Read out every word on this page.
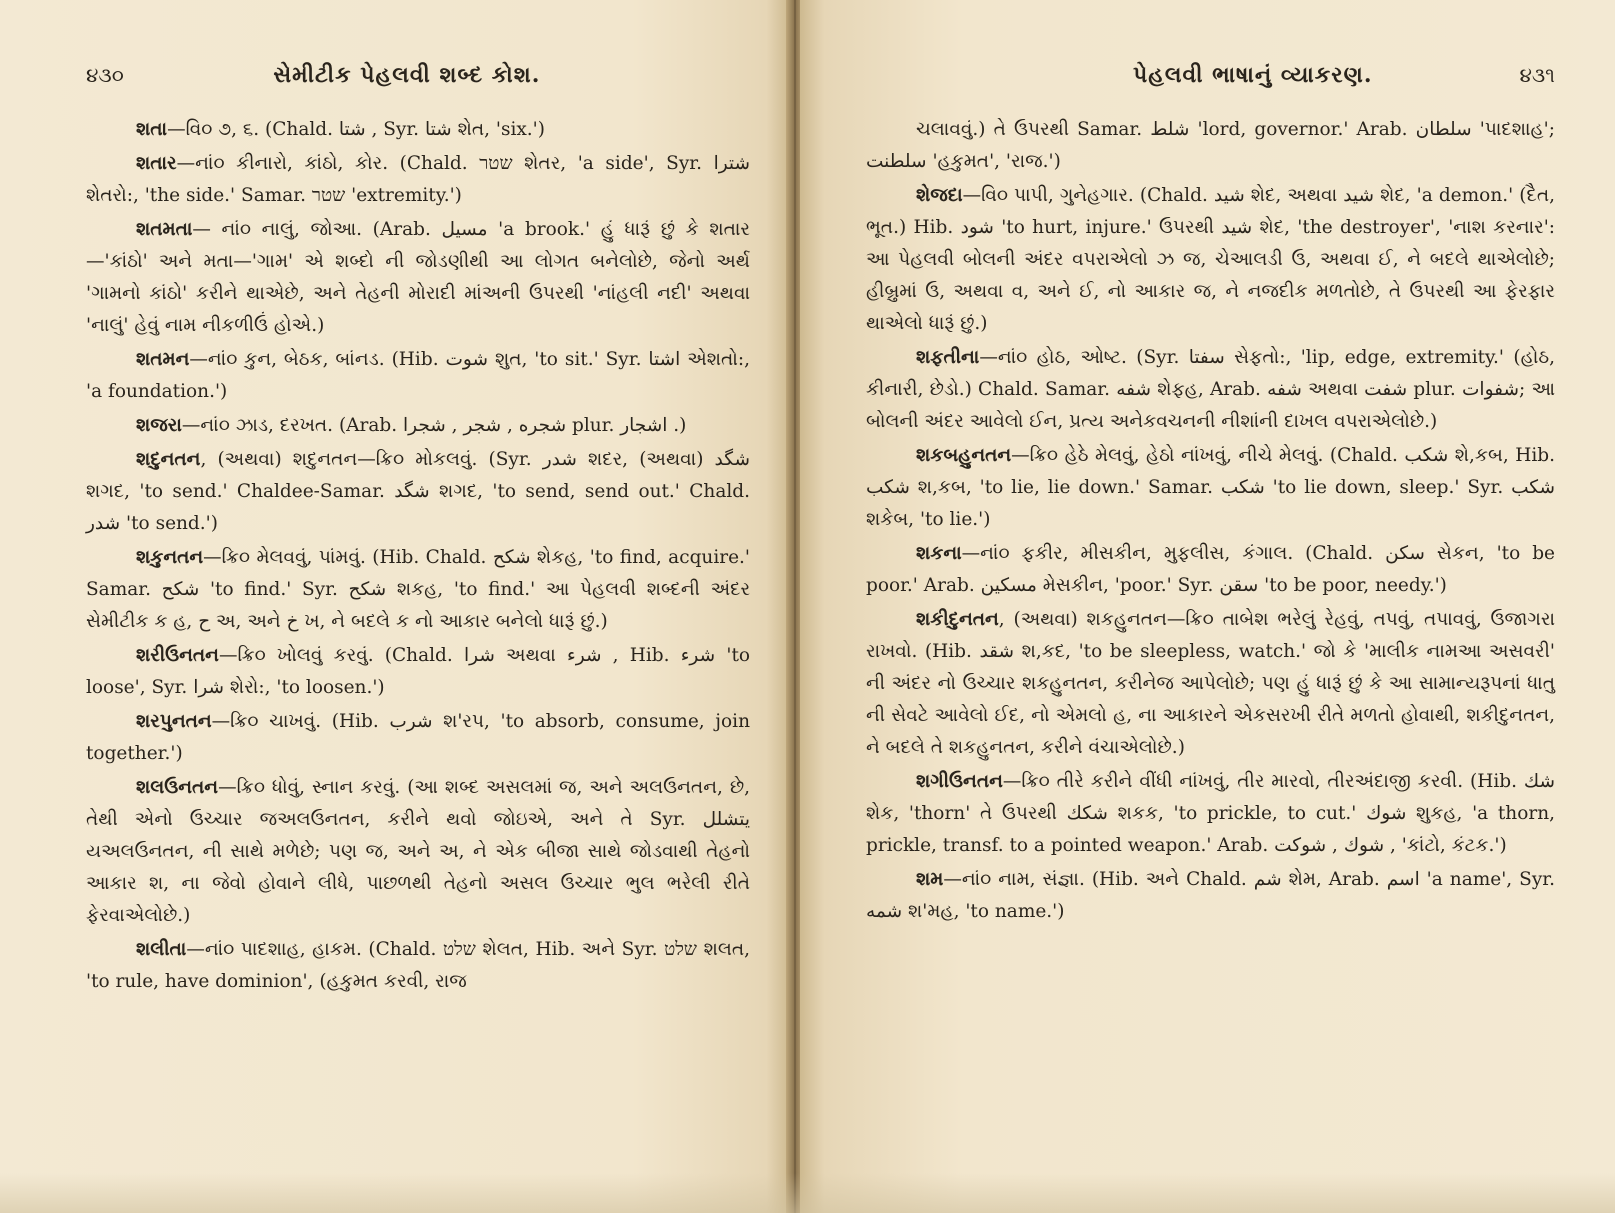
૪૩૦	સેમીટીક પેહલવી શબ્દ કોશ.

શતા—વિ૦ ૭, ૬. (Chald. شتا , Syr. شتا શેત, 'six.')

શતાર—નાં૦ કીનારો, કાંઠો, કોર. (Chald. שטר શેતર, 'a side', Syr. شترا શેતરો:, 'the side.' Samar. שטר 'extremity.')

શતમતા— નાં૦ નાલું, જોઆ. (Arab. مسيل 'a brook.' હું ધારૂં છું કે શતાર—'કાંઠો' અને મતા—'ગામ' એ શબ્દો ની જોડણીથી આ લોગત બનેલોછે, જેનો અર્થ 'ગામનો કાંઠો' કરીને થાએછે, અને તેહની મોરાદી માંઅની ઉપરથી 'નાંહલી નદી' અથવા 'નાલું' હેવું નામ નીકળીઉં હોએ.)

શતમન—નાં૦ કુન, બેઠક, બાંનડ. (Hib. شوت શુત, 'to sit.' Syr. اشتا એશતો:, 'a foundation.')

શજરા—નાં૦ ઝાડ, દરખત. (Arab. شجره , شجر , شجرا plur. اشجار .)

શદુનતન, (અથવા) શદુનતન—ક્રિ૦ મોકલવું. (Syr. شدر શદર, (અથવા) شگد શગદ, 'to send.' Chaldee-Samar. شگد શગદ, 'to send, send out.' Chald. شدر 'to send.')

શકુનતન—ક્રિ૦ મેલવવું, પાંમવું. (Hib. Chald. شكح શેકહ, 'to find, acquire.' Samar. شكح 'to find.' Syr. شكح શકહ, 'to find.' આ પેહલવી શબ્દની અંદર સેમીટીક ક હ, ح અ, અને خ ખ, ને બદલે ક નો આકાર બનેલો ધારૂં છું.)

શરીઉનતન—ક્રિ૦ ખોલવું કરવું. (Chald. شرا અથવા شرء , Hib. شرء 'to loose', Syr. شرا શેરો:, 'to loosen.')

શરપુનતન—ક્રિ૦ ચાખવું. (Hib. شرب શ'રપ, 'to absorb, consume, join together.')

શલઉનતન—ક્રિ૦ ધોવું, સ્નાન કરવું. (આ શબ્દ અસલમાં જ, અને અલઉનતન, છે, તેથી એનો ઉચ્ચાર જઅલઉનતન, કરીને થવો જોઇએ, અને તે Syr. يتشلل યઅલઉનતન, ની સાથે મળેછે; પણ જ, અને અ, ને એક બીજા સાથે જોડવાથી તેહનો આકાર શ, ના જેવો હોવાને લીધે, પાછળથી તેહનો અસલ ઉચ્ચાર ભુલ ભરેલી રીતે ફેરવાએલોછે.)

શલીતા—નાં૦ પાદશાહ, હાકમ. (Chald. שלט શેલત, Hib. અને Syr. שלט શલત, 'to rule, have dominion', (હકુમત કરવી, રાજ

પેહલવી ભાષાનું વ્યાકરણ.	૪૩૧

ચલાવવું.) તે ઉપરથી Samar. شلط 'lord, governor.' Arab. سلطان 'પાદશાહ'; سلطنت 'હકુમત', 'રાજ.')

શેજદા—વિ૦ પાપી, ગુનેહગાર. (Chald. شيد શેદ, અથવા شيد શેદ, 'a demon.' (દૈત, ભૂત.) Hib. شود 'to hurt, injure.' ઉપરથી شيد શેદ, 'the destroyer', 'નાશ કરનાર': આ પેહલવી બોલની અંદર વપરાએલો ઝ જ, ચેઆલડી ઉ, અથવા ઈ, ને બદલે થાએલોછે; હીબ્રુમાં ઉ, અથવા વ, અને ઈ, નો આકાર જ, ને નજદીક મળતોછે, તે ઉપરથી આ ફેરફાર થાએલો ધારૂં છું.)

શફતીના—નાં૦ હોઠ, ઓષ્ટ. (Syr. سفتا સેફતો:, 'lip, edge, extremity.' (હોઠ, કીનારી, છેડો.) Chald. Samar. شفه શેફહ, Arab. شفه અથવા شفت plur. شفوات; આ બોલની અંદર આવેલો ઈન, પ્રત્ય અનેકવચનની નીશાંની દાખલ વપરાએલોછે.)

શકબહુનતન—ક્રિ૦ હેઠે મેલવું, હેઠો નાંખવું, નીચે મેલવું. (Chald. شكب શે,કબ, Hib. شكب શ,કબ, 'to lie, lie down.' Samar. شكب 'to lie down, sleep.' Syr. شكب શકેબ, 'to lie.')

શકના—નાં૦ ફકીર, મીસકીન, મુફલીસ, કંગાલ. (Chald. سكن સેકન, 'to be poor.' Arab. مسكين મેસકીન, 'poor.' Syr. سقن 'to be poor, needy.')

શકીદુનતન, (અથવા) શકહુનતન—ક્રિ૦ તાબેશ ભરેલું રેહવું, તપવું, તપાવવું, ઉજાગરા રાખવો. (Hib. شقد શ,કદ, 'to be sleepless, watch.' જો કે 'માલીક નામઆ અસવરી' ની અંદર નો ઉચ્ચાર શકહુનતન, કરીનેજ આપેલોછે; પણ હું ધારૂં છું કે આ સામાન્યરૂપનાં ધાતુ ની સેવટે આવેલો ઈદ, નો એમલો હ, ના આકારને એકસરખી રીતે મળતો હોવાથી, શકીદુનતન, ને બદલે તે શકહુનતન, કરીને વંચાએલોછે.)

શગીઉનતન—ક્રિ૦ તીરે કરીને વીંધી નાંખવું, તીર મારવો, તીરઅંદાજી કરવી. (Hib. شك શેક, 'thorn' તે ઉપરથી شكك શકક, 'to prickle, to cut.' شوك શુકહ, 'a thorn, prickle, transf. to a pointed weapon.' Arab. شوك , شوكت , 'કાંટો, કંટક.')

શમ—નાં૦ નામ, સંજ્ઞા. (Hib. અને Chald. شم શેમ, Arab. اسم 'a name', Syr. شمه શ'મહ, 'to name.')
